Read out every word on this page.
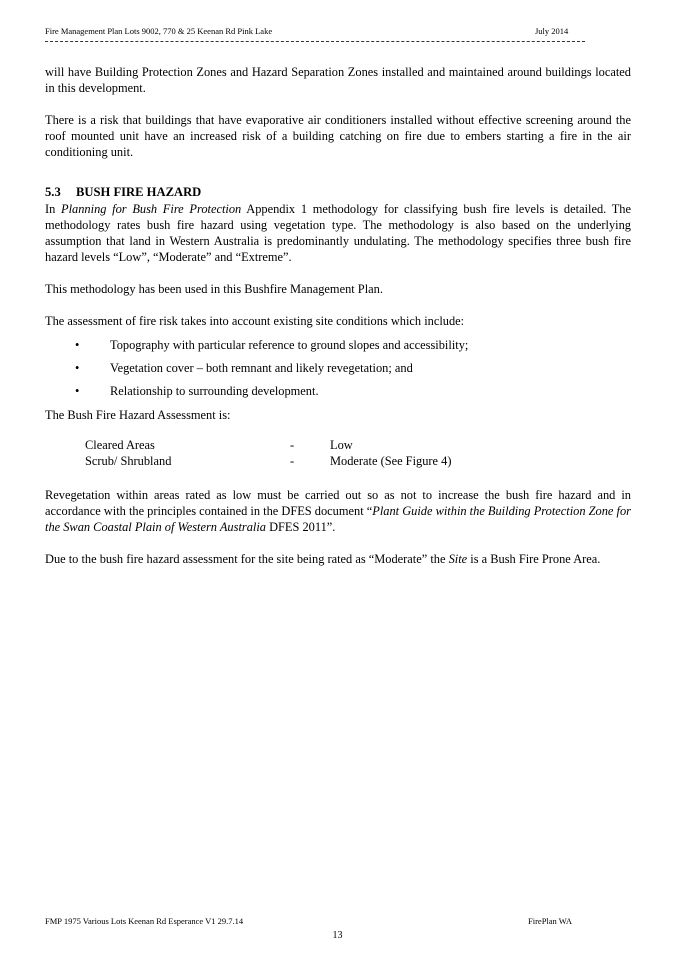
Fire Management Plan Lots 9002, 770 & 25 Keenan Rd Pink Lake	July 2014

will have Building Protection Zones and Hazard Separation Zones installed and maintained around buildings located in this development.

There is a risk that buildings that have evaporative air conditioners installed without effective screening around the roof mounted unit have an increased risk of a building catching on fire due to embers starting a fire in the air conditioning unit.

5.3 BUSH FIRE HAZARD

In Planning for Bush Fire Protection Appendix 1 methodology for classifying bush fire levels is detailed. The methodology rates bush fire hazard using vegetation type. The methodology is also based on the underlying assumption that land in Western Australia is predominantly undulating. The methodology specifies three bush fire hazard levels “Low”, “Moderate” and “Extreme”.

This methodology has been used in this Bushfire Management Plan.

The assessment of fire risk takes into account existing site conditions which include:

• Topography with particular reference to ground slopes and accessibility;
• Vegetation cover – both remnant and likely revegetation; and
• Relationship to surrounding development.

The Bush Fire Hazard Assessment is:

Cleared Areas	-	Low
Scrub/ Shrubland	-	Moderate (See Figure 4)

Revegetation within areas rated as low must be carried out so as not to increase the bush fire hazard and in accordance with the principles contained in the DFES document “Plant Guide within the Building Protection Zone for the Swan Coastal Plain of Western Australia DFES 2011”.

Due to the bush fire hazard assessment for the site being rated as “Moderate” the Site is a Bush Fire Prone Area.

FMP 1975 Various Lots Keenan Rd Esperance V1 29.7.14	FirePlan WA
13
